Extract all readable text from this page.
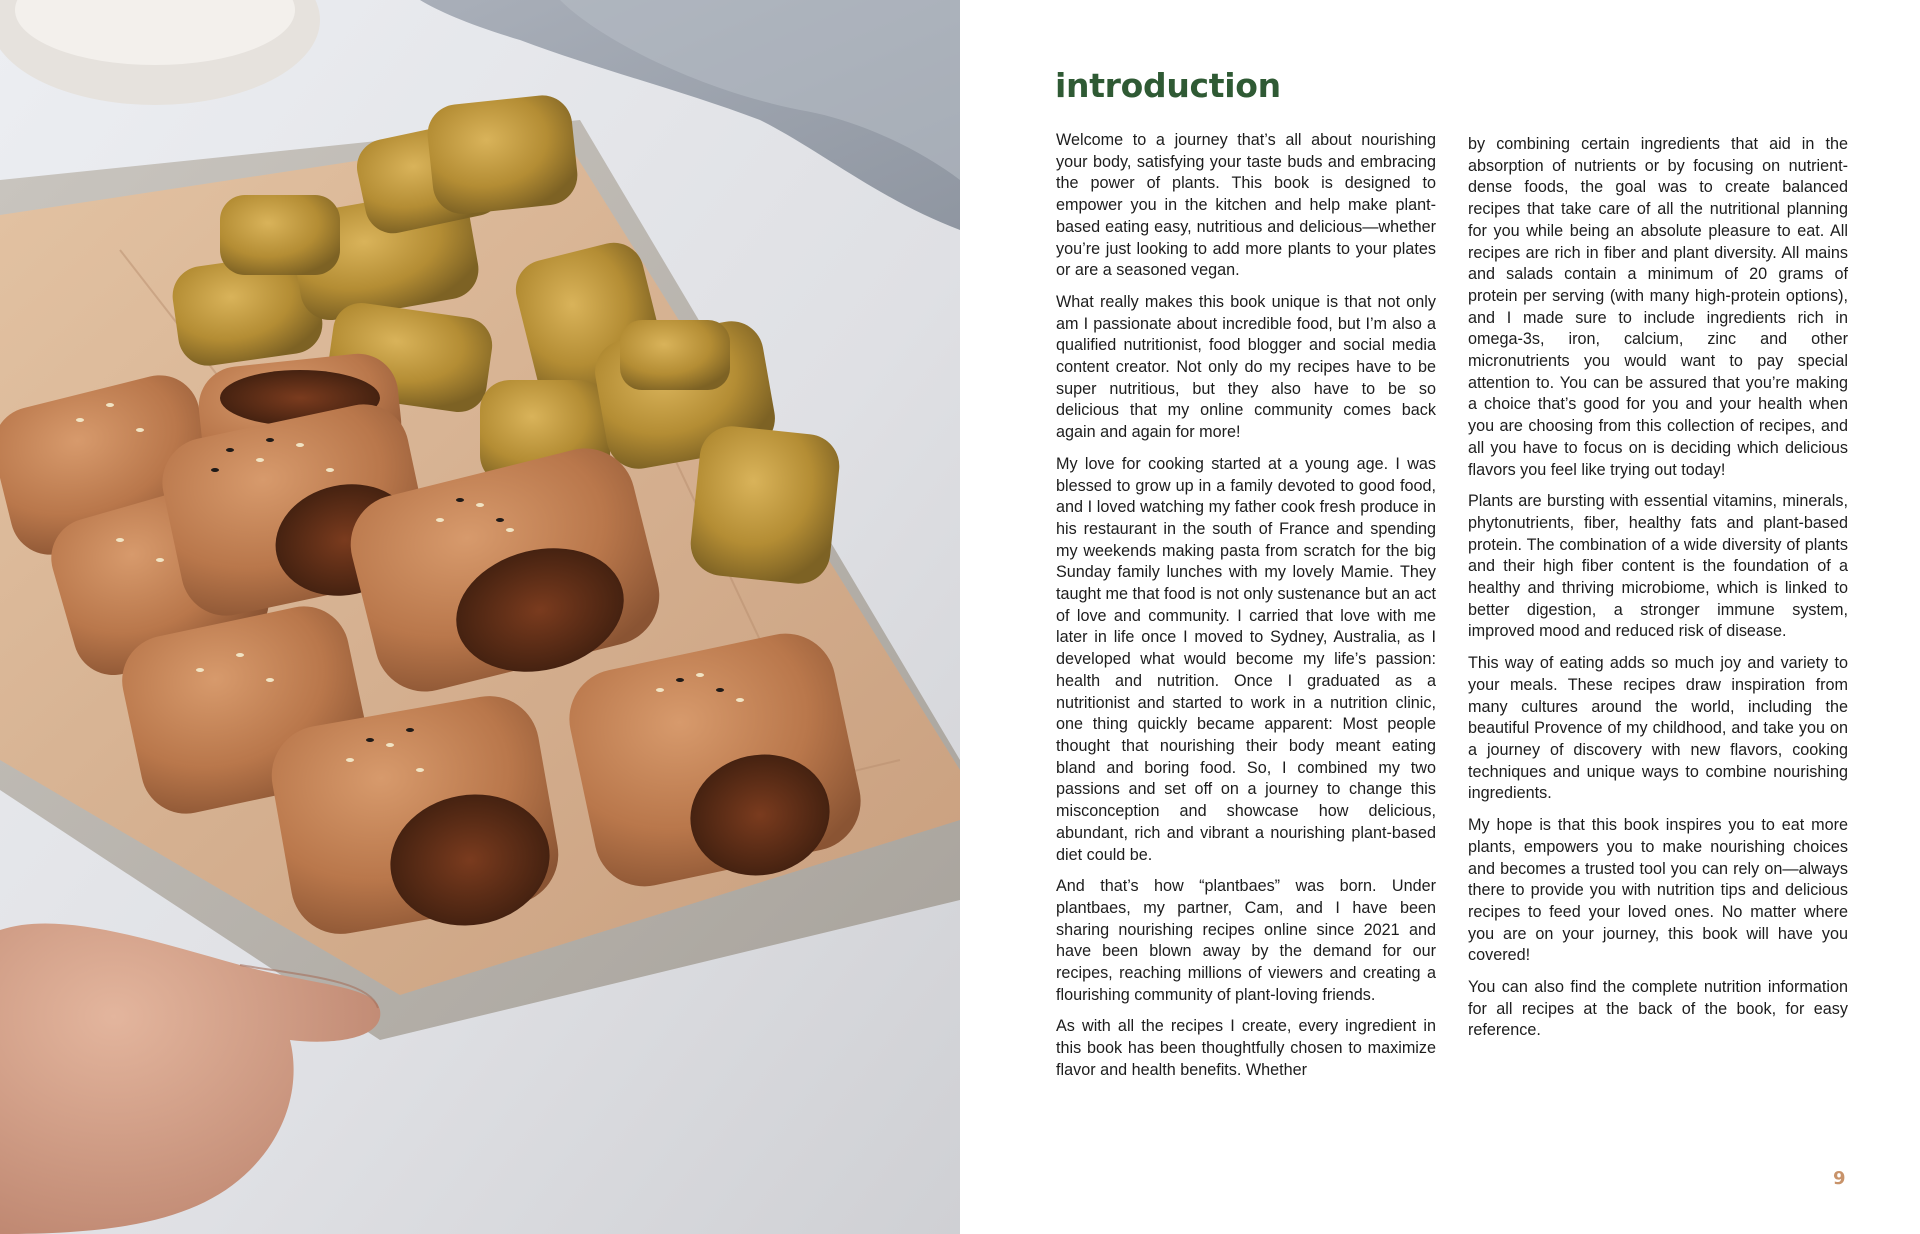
introduction

Welcome to a journey that’s all about nourishing your body, satisfying your taste buds and embracing the power of plants. This book is designed to empower you in the kitchen and help make plant-based eating easy, nutritious and delicious—whether you’re just looking to add more plants to your plates or are a seasoned vegan.

What really makes this book unique is that not only am I passionate about incredible food, but I’m also a qualified nutritionist, food blogger and social media content creator. Not only do my recipes have to be super nutritious, but they also have to be so delicious that my online community comes back again and again for more!

My love for cooking started at a young age. I was blessed to grow up in a family devoted to good food, and I loved watching my father cook fresh produce in his restaurant in the south of France and spending my weekends making pasta from scratch for the big Sunday family lunches with my lovely Mamie. They taught me that food is not only sustenance but an act of love and community. I carried that love with me later in life once I moved to Sydney, Australia, as I developed what would become my life’s passion: health and nutrition. Once I graduated as a nutritionist and started to work in a nutrition clinic, one thing quickly became apparent: Most people thought that nourishing their body meant eating bland and boring food. So, I combined my two passions and set off on a journey to change this misconception and showcase how delicious, abundant, rich and vibrant a nourishing plant-based diet could be.

And that’s how “plantbaes” was born. Under plantbaes, my partner, Cam, and I have been sharing nourishing recipes online since 2021 and have been blown away by the demand for our recipes, reaching millions of viewers and creating a flourishing community of plant-loving friends.

As with all the recipes I create, every ingredient in this book has been thoughtfully chosen to maximize flavor and health benefits. Whether

by combining certain ingredients that aid in the absorption of nutrients or by focusing on nutrient-dense foods, the goal was to create balanced recipes that take care of all the nutritional planning for you while being an absolute pleasure to eat. All recipes are rich in fiber and plant diversity. All mains and salads contain a minimum of 20 grams of protein per serving (with many high-protein options), and I made sure to include ingredients rich in omega-3s, iron, calcium, zinc and other micronutrients you would want to pay special attention to. You can be assured that you’re making a choice that’s good for you and your health when you are choosing from this collection of recipes, and all you have to focus on is deciding which delicious flavors you feel like trying out today!

Plants are bursting with essential vitamins, minerals, phytonutrients, fiber, healthy fats and plant-based protein. The combination of a wide diversity of plants and their high fiber content is the foundation of a healthy and thriving microbiome, which is linked to better digestion, a stronger immune system, improved mood and reduced risk of disease.

This way of eating adds so much joy and variety to your meals. These recipes draw inspiration from many cultures around the world, including the beautiful Provence of my childhood, and take you on a journey of discovery with new flavors, cooking techniques and unique ways to combine nourishing ingredients.

My hope is that this book inspires you to eat more plants, empowers you to make nourishing choices and becomes a trusted tool you can rely on—always there to provide you with nutrition tips and delicious recipes to feed your loved ones. No matter where you are on your journey, this book will have you covered!

You can also find the complete nutrition information for all recipes at the back of the book, for easy reference.

9
